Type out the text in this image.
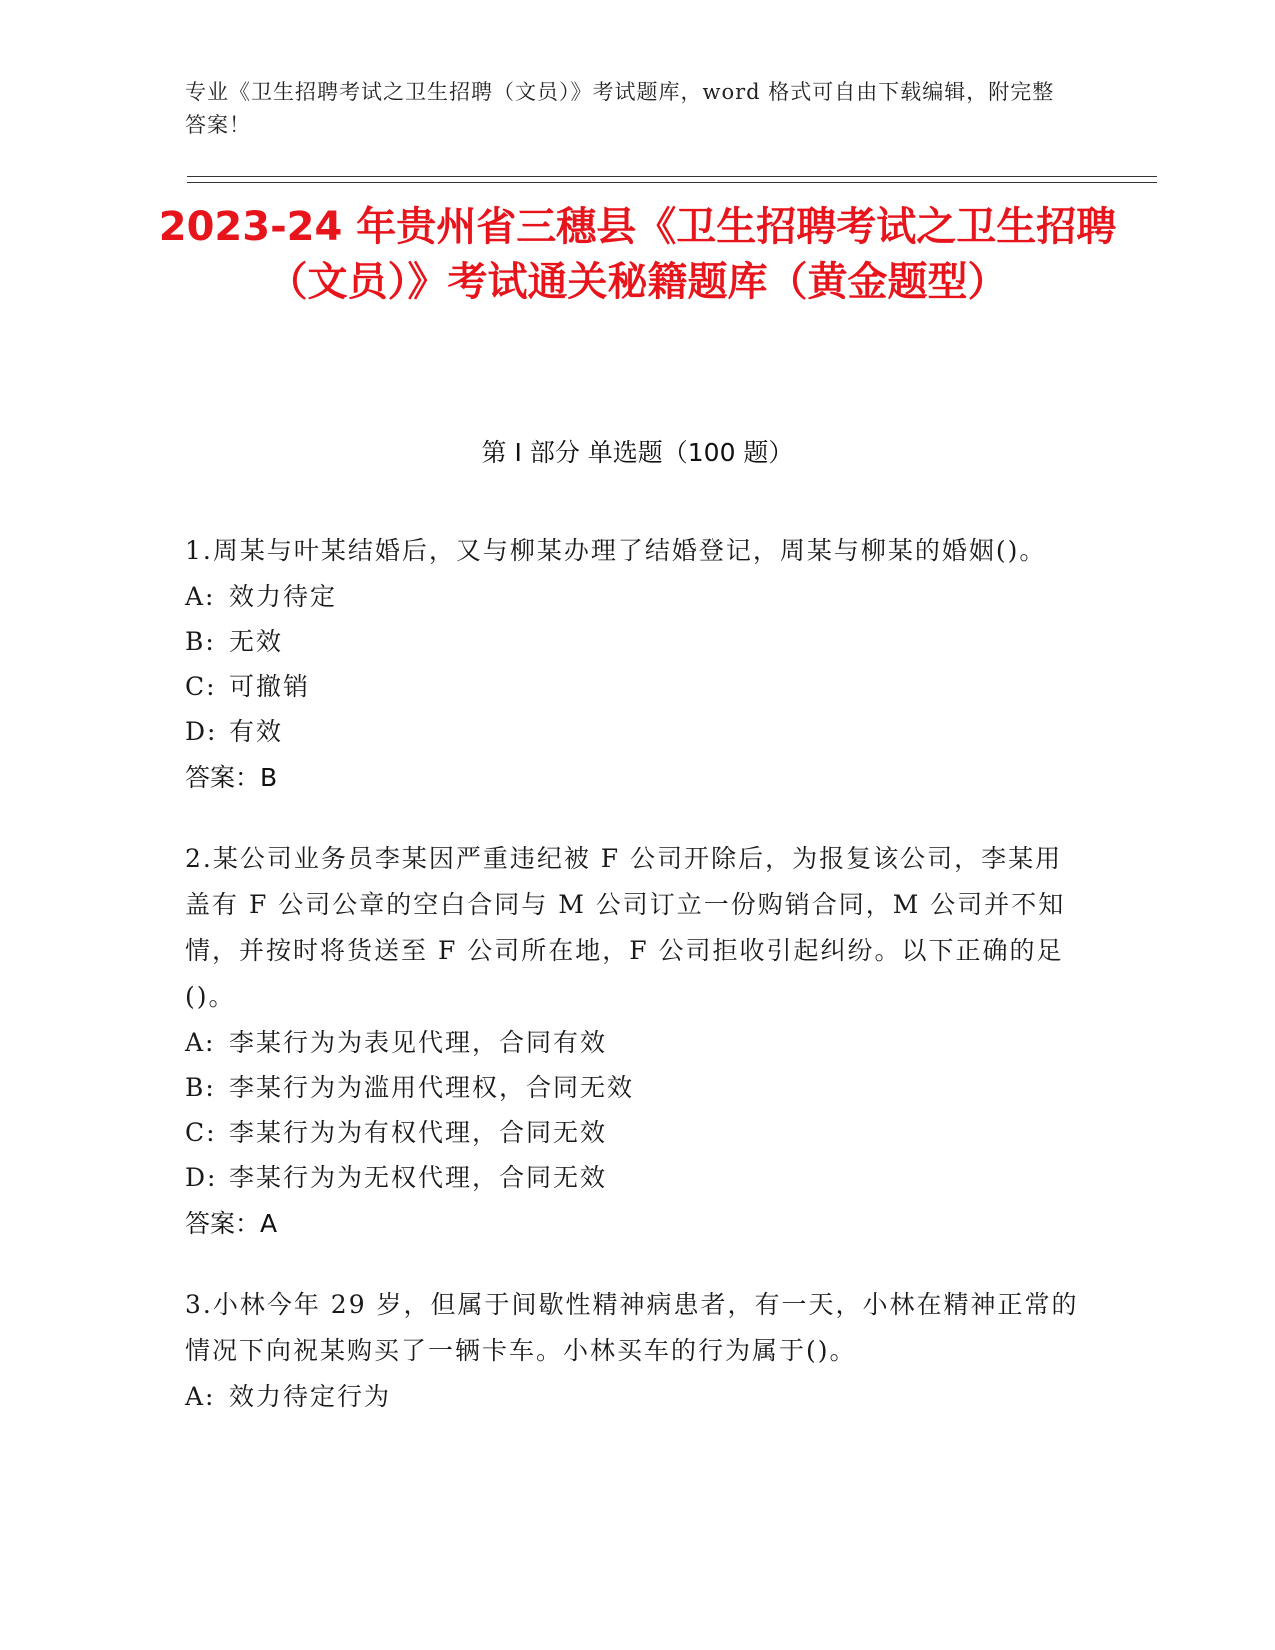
专业《卫生招聘考试之卫生招聘（文员）》考试题库，word 格式可自由下载编辑，附完整答案！
2023-24 年贵州省三穗县《卫生招聘考试之卫生招聘（文员）》考试通关秘籍题库（黄金题型）
第 I 部分 单选题（100 题）

1.周某与叶某结婚后，又与柳某办理了结婚登记，周某与柳某的婚姻()。

A: 效力待定

B: 无效

C: 可撤销

D: 有效

答案：B

2.某公司业务员李某因严重违纪被 F 公司开除后，为报复该公司，李某用盖有 F 公司公章的空白合同与 M 公司订立一份购销合同，M 公司并不知情，并按时将货送至 F 公司所在地，F 公司拒收引起纠纷。以下正确的足()。

A: 李某行为为表见代理，合同有效

B: 李某行为为滥用代理权，合同无效

C: 李某行为为有权代理，合同无效

D: 李某行为为无权代理，合同无效

答案：A

3.小林今年 29 岁，但属于间歇性精神病患者，有一天，小林在精神正常的情况下向祝某购买了一辆卡车。小林买车的行为属于()。

A: 效力待定行为
